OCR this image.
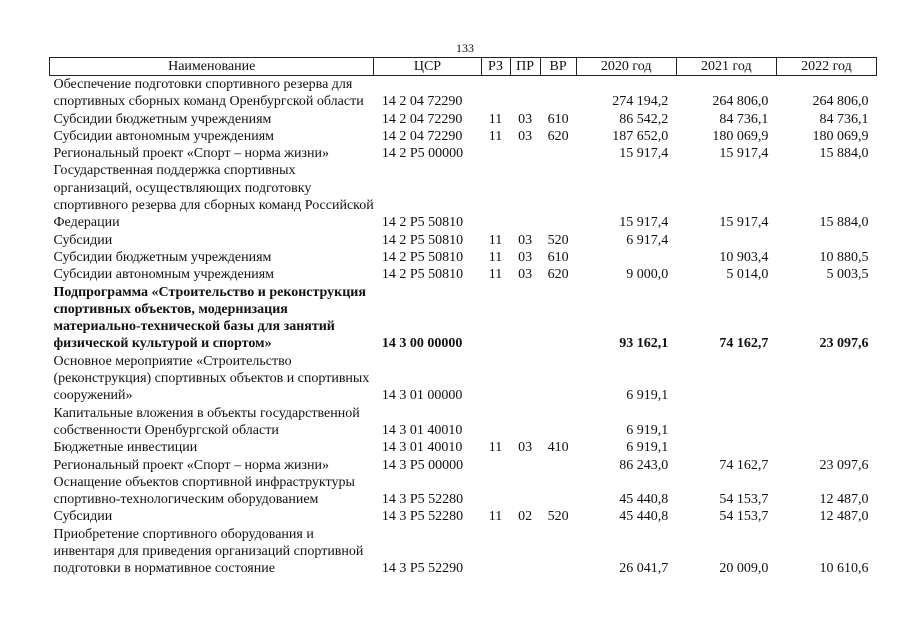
133
Наименование	ЦСР	РЗ	ПР	ВР	2020 год	2021 год	2022 год
Обеспечение подготовки спортивного резерва для спортивных сборных команд Оренбургской области	14 2 04 72290				274 194,2	264 806,0	264 806,0
Субсидии бюджетным учреждениям	14 2 04 72290	11	03	610	86 542,2	84 736,1	84 736,1
Субсидии автономным учреждениям	14 2 04 72290	11	03	620	187 652,0	180 069,9	180 069,9
Региональный проект «Спорт – норма жизни»	14 2 P5 00000				15 917,4	15 917,4	15 884,0
Государственная поддержка спортивных организаций, осуществляющих подготовку спортивного резерва для сборных команд Российской Федерации	14 2 P5 50810				15 917,4	15 917,4	15 884,0
Субсидии	14 2 P5 50810	11	03	520	6 917,4		
Субсидии бюджетным учреждениям	14 2 P5 50810	11	03	610		10 903,4	10 880,5
Субсидии автономным учреждениям	14 2 P5 50810	11	03	620	9 000,0	5 014,0	5 003,5
Подпрограмма «Строительство и реконструкция спортивных объектов, модернизация материально-технической базы для занятий физической культурой и спортом»	14 3 00 00000				93 162,1	74 162,7	23 097,6
Основное мероприятие «Строительство (реконструкция) спортивных объектов и спортивных сооружений»	14 3 01 00000				6 919,1		
Капитальные вложения в объекты государственной собственности Оренбургской области	14 3 01 40010				6 919,1		
Бюджетные инвестиции	14 3 01 40010	11	03	410	6 919,1		
Региональный проект «Спорт – норма жизни»	14 3 P5 00000				86 243,0	74 162,7	23 097,6
Оснащение объектов спортивной инфраструктуры спортивно-технологическим оборудованием	14 3 P5 52280				45 440,8	54 153,7	12 487,0
Субсидии	14 3 P5 52280	11	02	520	45 440,8	54 153,7	12 487,0
Приобретение спортивного оборудования и инвентаря для приведения организаций спортивной подготовки в нормативное состояние	14 3 P5 52290				26 041,7	20 009,0	10 610,6
